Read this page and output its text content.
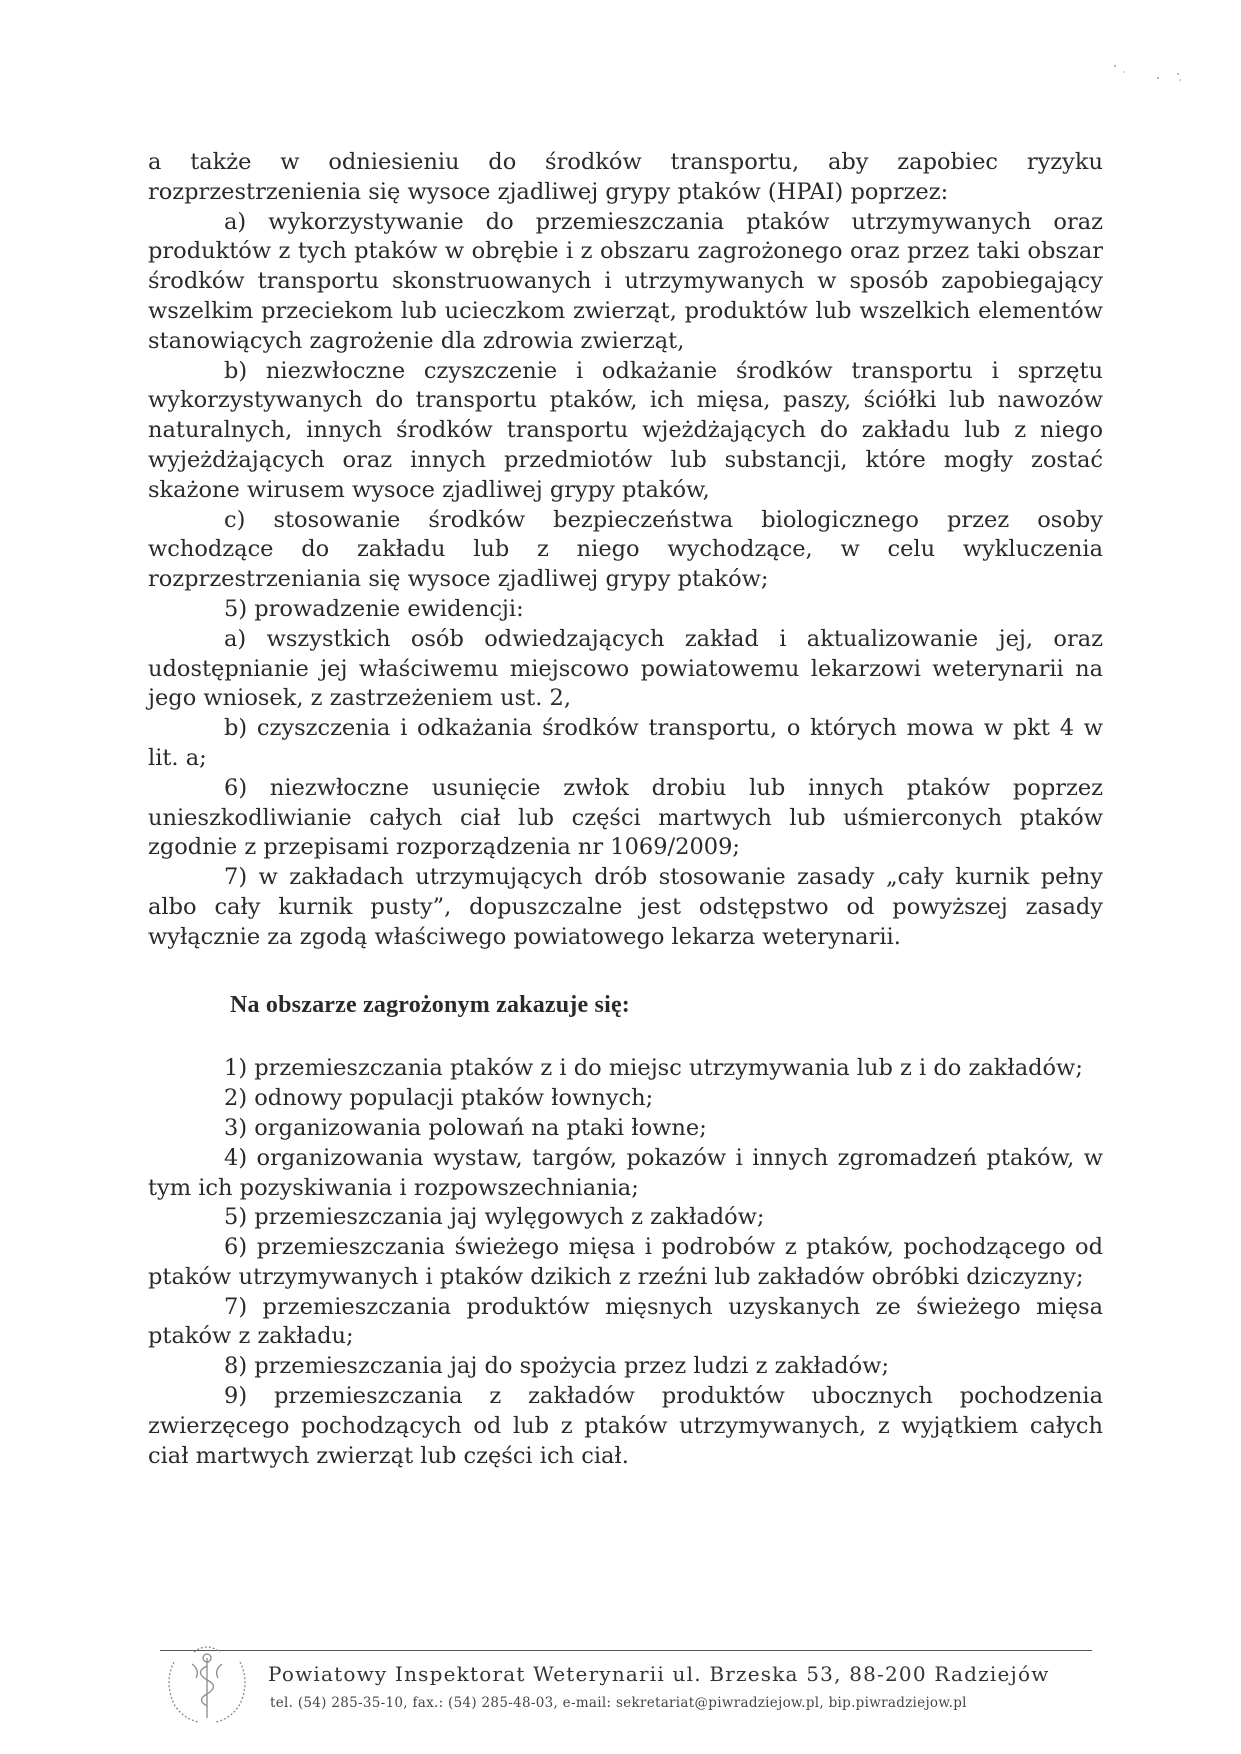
a także w odniesieniu do środków transportu, aby zapobiec ryzyku rozprzestrzenienia się wysoce zjadliwej grypy ptaków (HPAI) poprzez:

a) wykorzystywanie do przemieszczania ptaków utrzymywanych oraz produktów z tych ptaków w obrębie i z obszaru zagrożonego oraz przez taki obszar środków transportu skonstruowanych i utrzymywanych w sposób zapobiegający wszelkim przeciekom lub ucieczkom zwierząt, produktów lub wszelkich elementów stanowiących zagrożenie dla zdrowia zwierząt,

b) niezwłoczne czyszczenie i odkażanie środków transportu i sprzętu wykorzystywanych do transportu ptaków, ich mięsa, paszy, ściółki lub nawozów naturalnych, innych środków transportu wjeżdżających do zakładu lub z niego wyjeżdżających oraz innych przedmiotów lub substancji, które mogły zostać skażone wirusem wysoce zjadliwej grypy ptaków,

c) stosowanie środków bezpieczeństwa biologicznego przez osoby wchodzące do zakładu lub z niego wychodzące, w celu wykluczenia rozprzestrzeniania się wysoce zjadliwej grypy ptaków;

5) prowadzenie ewidencji:

a) wszystkich osób odwiedzających zakład i aktualizowanie jej, oraz udostępnianie jej właściwemu miejscowo powiatowemu lekarzowi weterynarii na jego wniosek, z zastrzeżeniem ust. 2,

b) czyszczenia i odkażania środków transportu, o których mowa w pkt 4 w lit. a;

6) niezwłoczne usunięcie zwłok drobiu lub innych ptaków poprzez unieszkodliwianie całych ciał lub części martwych lub uśmierconych ptaków zgodnie z przepisami rozporządzenia nr 1069/2009;

7) w zakładach utrzymujących drób stosowanie zasady „cały kurnik pełny albo cały kurnik pusty”, dopuszczalne jest odstępstwo od powyższej zasady wyłącznie za zgodą właściwego powiatowego lekarza weterynarii.

Na obszarze zagrożonym zakazuje się:

1) przemieszczania ptaków z i do miejsc utrzymywania lub z i do zakładów;

2) odnowy populacji ptaków łownych;

3) organizowania polowań na ptaki łowne;

4) organizowania wystaw, targów, pokazów i innych zgromadzeń ptaków, w tym ich pozyskiwania i rozpowszechniania;

5) przemieszczania jaj wylęgowych z zakładów;

6) przemieszczania świeżego mięsa i podrobów z ptaków, pochodzącego od ptaków utrzymywanych i ptaków dzikich z rzeźni lub zakładów obróbki dziczyzny;

7) przemieszczania produktów mięsnych uzyskanych ze świeżego mięsa ptaków z zakładu;

8) przemieszczania jaj do spożycia przez ludzi z zakładów;

9) przemieszczania z zakładów produktów ubocznych pochodzenia zwierzęcego pochodzących od lub z ptaków utrzymywanych, z wyjątkiem całych ciał martwych zwierząt lub części ich ciał.

Powiatowy Inspektorat Weterynarii ul. Brzeska 53, 88-200 Radziejów
tel. (54) 285-35-10, fax.: (54) 285-48-03, e-mail: sekretariat@piwradziejow.pl, bip.piwradziejow.pl
